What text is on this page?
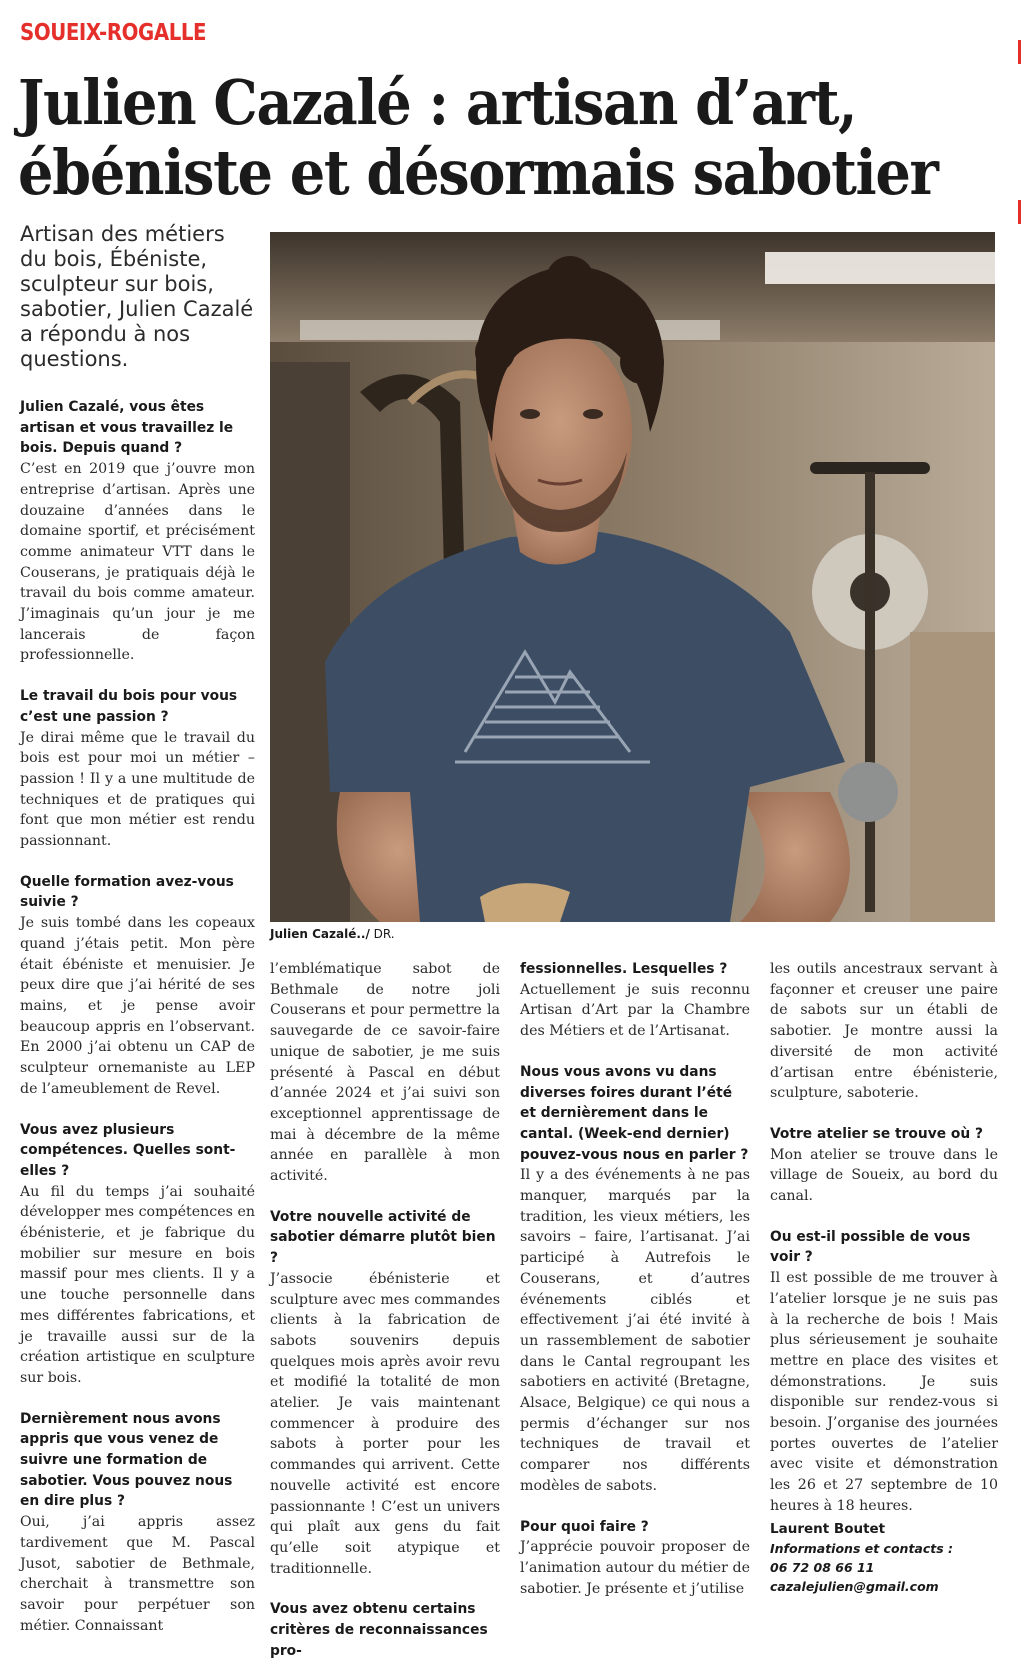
SOUEIX-ROGALLE
Julien Cazalé : artisan d’art,
ébéniste et désormais sabotier

Artisan des métiers du bois, Ébéniste, sculpteur sur bois, sabotier, Julien Cazalé a répondu à nos questions.

Julien Cazalé../ DR.

Julien Cazalé, vous êtes artisan et vous travaillez le bois. Depuis quand ?

C’est en 2019 que j’ouvre mon entreprise d’artisan. Après une douzaine d’années dans le domaine sportif, et précisément comme animateur VTT dans le Couserans, je pratiquais déjà le travail du bois comme amateur. J’imaginais qu’un jour je me lancerais de façon professionnelle.

Le travail du bois pour vous c’est une passion ?

Je dirai même que le travail du bois est pour moi un métier – passion ! Il y a une multitude de techniques et de pratiques qui font que mon métier est rendu passionnant.

Quelle formation avez-vous suivie ?

Je suis tombé dans les copeaux quand j’étais petit. Mon père était ébéniste et menuisier. Je peux dire que j’ai hérité de ses mains, et je pense avoir beaucoup appris en l’observant. En 2000 j’ai obtenu un CAP de sculpteur ornemaniste au LEP de l’ameublement de Revel.

Vous avez plusieurs compétences. Quelles sont-elles ?

Au fil du temps j’ai souhaité développer mes compétences en ébénisterie, et je fabrique du mobilier sur mesure en bois massif pour mes clients. Il y a une touche personnelle dans mes différentes fabrications, et je travaille aussi sur de la création artistique en sculpture sur bois.

Dernièrement nous avons appris que vous venez de suivre une formation de sabotier. Vous pouvez nous en dire plus ?

Oui, j’ai appris assez tardivement que M. Pascal Jusot, sabotier de Bethmale, cherchait à transmettre son savoir pour perpétuer son métier. Connaissant

l’emblématique sabot de Bethmale de notre joli Couserans et pour permettre la sauvegarde de ce savoir-faire unique de sabotier, je me suis présenté à Pascal en début d’année 2024 et j’ai suivi son exceptionnel apprentissage de mai à décembre de la même année en parallèle à mon activité.

Votre nouvelle activité de sabotier démarre plutôt bien ?

J’associe ébénisterie et sculpture avec mes commandes clients à la fabrication de sabots souvenirs depuis quelques mois après avoir revu et modifié la totalité de mon atelier. Je vais maintenant commencer à produire des sabots à porter pour les commandes qui arrivent. Cette nouvelle activité est encore passionnante ! C’est un univers qui plaît aux gens du fait qu’elle soit atypique et traditionnelle.

Vous avez obtenu certains critères de reconnaissances pro-

fessionnelles. Lesquelles ?

Actuellement je suis reconnu Artisan d’Art par la Chambre des Métiers et de l’Artisanat.

Nous vous avons vu dans diverses foires durant l’été et dernièrement dans le cantal. (Week-end dernier) pouvez-vous nous en parler ?

Il y a des événements à ne pas manquer, marqués par la tradition, les vieux métiers, les savoirs – faire, l’artisanat. J’ai participé à Autrefois le Couserans, et d’autres événements ciblés et effectivement j’ai été invité à un rassemblement de sabotier dans le Cantal regroupant les sabotiers en activité (Bretagne, Alsace, Belgique) ce qui nous a permis d’échanger sur nos techniques de travail et comparer nos différents modèles de sabots.

Pour quoi faire ?

J’apprécie pouvoir proposer de l’animation autour du métier de sabotier. Je présente et j’utilise

les outils ancestraux servant à façonner et creuser une paire de sabots sur un établi de sabotier. Je montre aussi la diversité de mon activité d’artisan entre ébénisterie, sculpture, saboterie.

Votre atelier se trouve où ?

Mon atelier se trouve dans le village de Soueix, au bord du canal.

Ou est-il possible de vous voir ?

Il est possible de me trouver à l’atelier lorsque je ne suis pas à la recherche de bois ! Mais plus sérieusement je souhaite mettre en place des visites et démonstrations. Je suis disponible sur rendez-vous si besoin. J’organise des journées portes ouvertes de l’atelier avec visite et démonstration les 26 et 27 septembre de 10 heures à 18 heures.

Laurent Boutet

Informations et contacts :

06 72 08 66 11

cazalejulien@gmail.com
